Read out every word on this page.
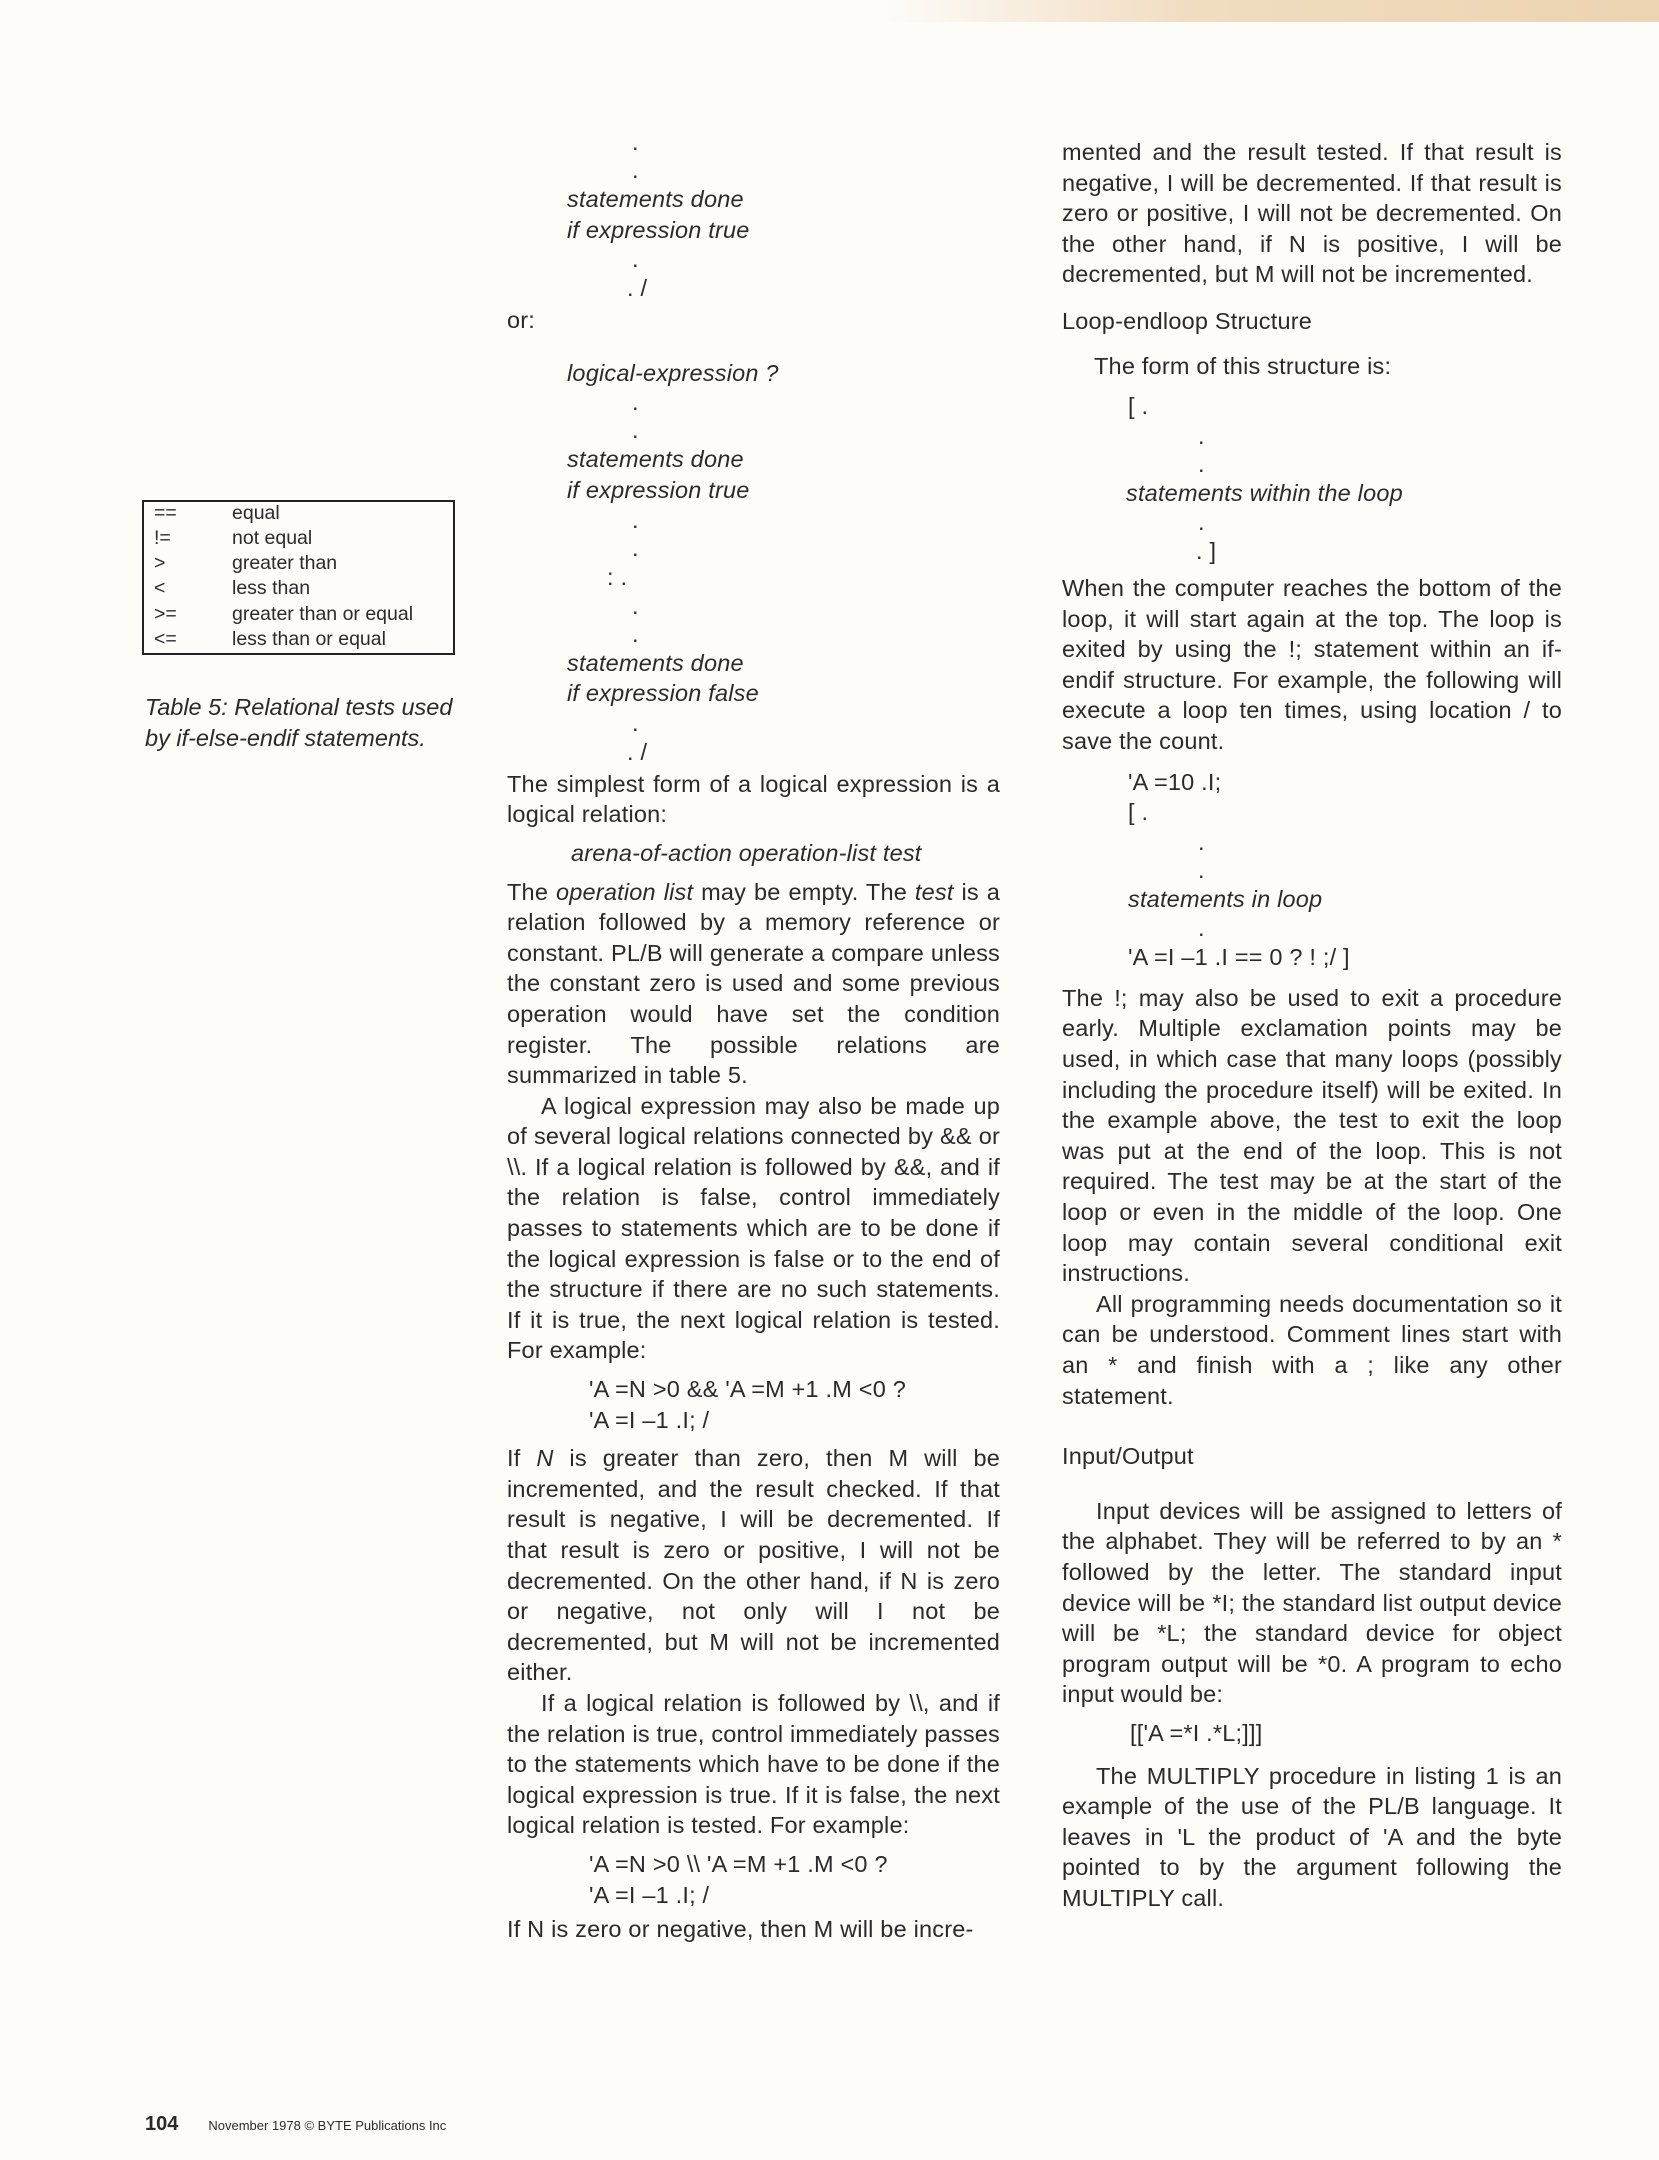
==	equal
!=	not equal
>	greater than
<	less than
>=	greater than or equal
<=	less than or equal
Table 5: Relational tests used by if-else-endif statements.
.
.
statements done
if expression true
.
. /
or:
logical-expression ?
.
.
statements done
if expression true
.
.
: .
.
.
statements done
if expression false
.
. /

The simplest form of a logical expression is a logical relation:

arena-of-action operation-list test

The operation list may be empty. The test is a relation followed by a memory reference or constant. PL/B will generate a compare unless the constant zero is used and some previous operation would have set the condition register. The possible relations are summarized in table 5.

A logical expression may also be made up of several logical relations connected by && or \\. If a logical relation is followed by &&, and if the relation is false, control immediately passes to statements which are to be done if the logical expression is false or to the end of the structure if there are no such statements. If it is true, the next logical relation is tested. For example:

'A =N >0 && 'A =M +1 .M <0 ?
'A =I –1 .I; /

If N is greater than zero, then M will be incremented, and the result checked. If that result is negative, I will be decremented. If that result is zero or positive, I will not be decremented. On the other hand, if N is zero or negative, not only will I not be decremented, but M will not be incremented either.

If a logical relation is followed by \\, and if the relation is true, control immediately passes to the statements which have to be done if the logical expression is true. If it is false, the next logical relation is tested. For example:

'A =N >0 \\ 'A =M +1 .M <0 ?
'A =I –1 .I; /

If N is zero or negative, then M will be incre-

mented and the result tested. If that result is negative, I will be decremented. If that result is zero or positive, I will not be decremented. On the other hand, if N is positive, I will be decremented, but M will not be incremented.

Loop-endloop Structure

The form of this structure is:

[ .
.
.
statements within the loop
.
. ]

When the computer reaches the bottom of the loop, it will start again at the top. The loop is exited by using the !; statement within an if-endif structure. For example, the following will execute a loop ten times, using location / to save the count.

'A =10 .I;
[ .
.
.
statements in loop
.
'A =I –1 .I == 0 ? ! ;/ ]

The !; may also be used to exit a procedure early. Multiple exclamation points may be used, in which case that many loops (possibly including the procedure itself) will be exited. In the example above, the test to exit the loop was put at the end of the loop. This is not required. The test may be at the start of the loop or even in the middle of the loop. One loop may contain several conditional exit instructions.

All programming needs documentation so it can be understood. Comment lines start with an * and finish with a ; like any other statement.

Input/Output

Input devices will be assigned to letters of the alphabet. They will be referred to by an * followed by the letter. The standard input device will be *I; the standard list output device will be *L; the standard device for object program output will be *0. A program to echo input would be:

[['A =*I .*L;]]]

The MULTIPLY procedure in listing 1 is an example of the use of the PL/B language. It leaves in 'L the product of 'A and the byte pointed to by the argument following the MULTIPLY call.

104 November 1978 © BYTE Publications Inc
